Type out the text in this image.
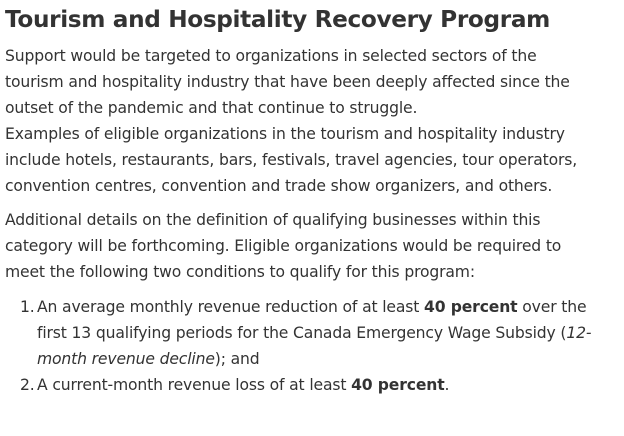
Tourism and Hospitality Recovery Program

Support would be targeted to organizations in selected sectors of the
tourism and hospitality industry that have been deeply affected since the
outset of the pandemic and that continue to struggle.

Examples of eligible organizations in the tourism and hospitality industry
include hotels, restaurants, bars, festivals, travel agencies, tour operators,
convention centres, convention and trade show organizers, and others.

Additional details on the definition of qualifying businesses within this
category will be forthcoming. Eligible organizations would be required to
meet the following two conditions to qualify for this program:

1. An average monthly revenue reduction of at least 40 percent over the
first 13 qualifying periods for the Canada Emergency Wage Subsidy (12-
month revenue decline); and
2. A current-month revenue loss of at least 40 percent.
